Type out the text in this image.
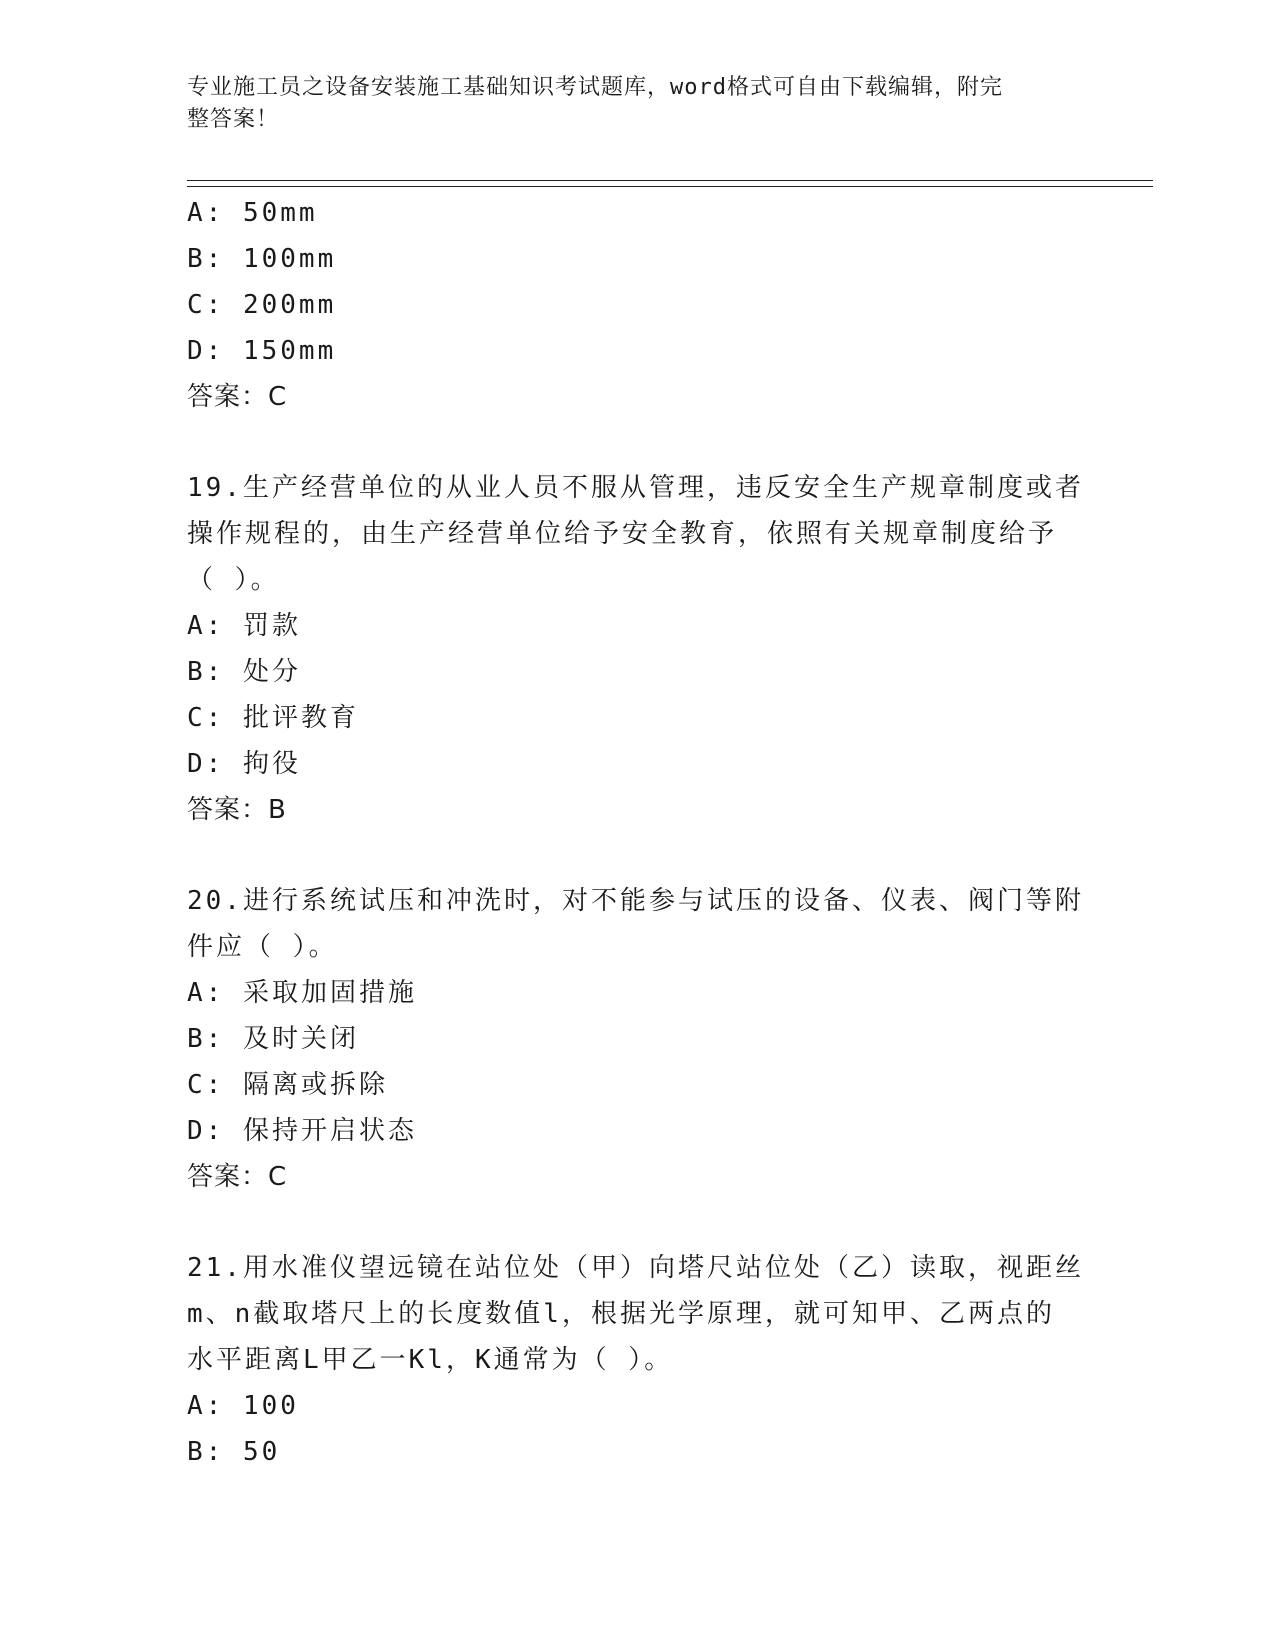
专业施工员之设备安装施工基础知识考试题库，word格式可自由下载编辑，附完
整答案！
A: 50mm
B: 100mm
C: 200mm
D: 150mm
答案：C
19.生产经营单位的从业人员不服从管理，违反安全生产规章制度或者
操作规程的，由生产经营单位给予安全教育，依照有关规章制度给予
（ ）。
A: 罚款
B: 处分
C: 批评教育
D: 拘役
答案：B
20.进行系统试压和冲洗时，对不能参与试压的设备、仪表、阀门等附
件应（ ）。
A: 采取加固措施
B: 及时关闭
C: 隔离或拆除
D: 保持开启状态
答案：C
21.用水准仪望远镜在站位处（甲）向塔尺站位处（乙）读取，视距丝
m、n截取塔尺上的长度数值l，根据光学原理，就可知甲、乙两点的
水平距离L甲乙一Kl，K通常为（ ）。
A: 100
B: 50
